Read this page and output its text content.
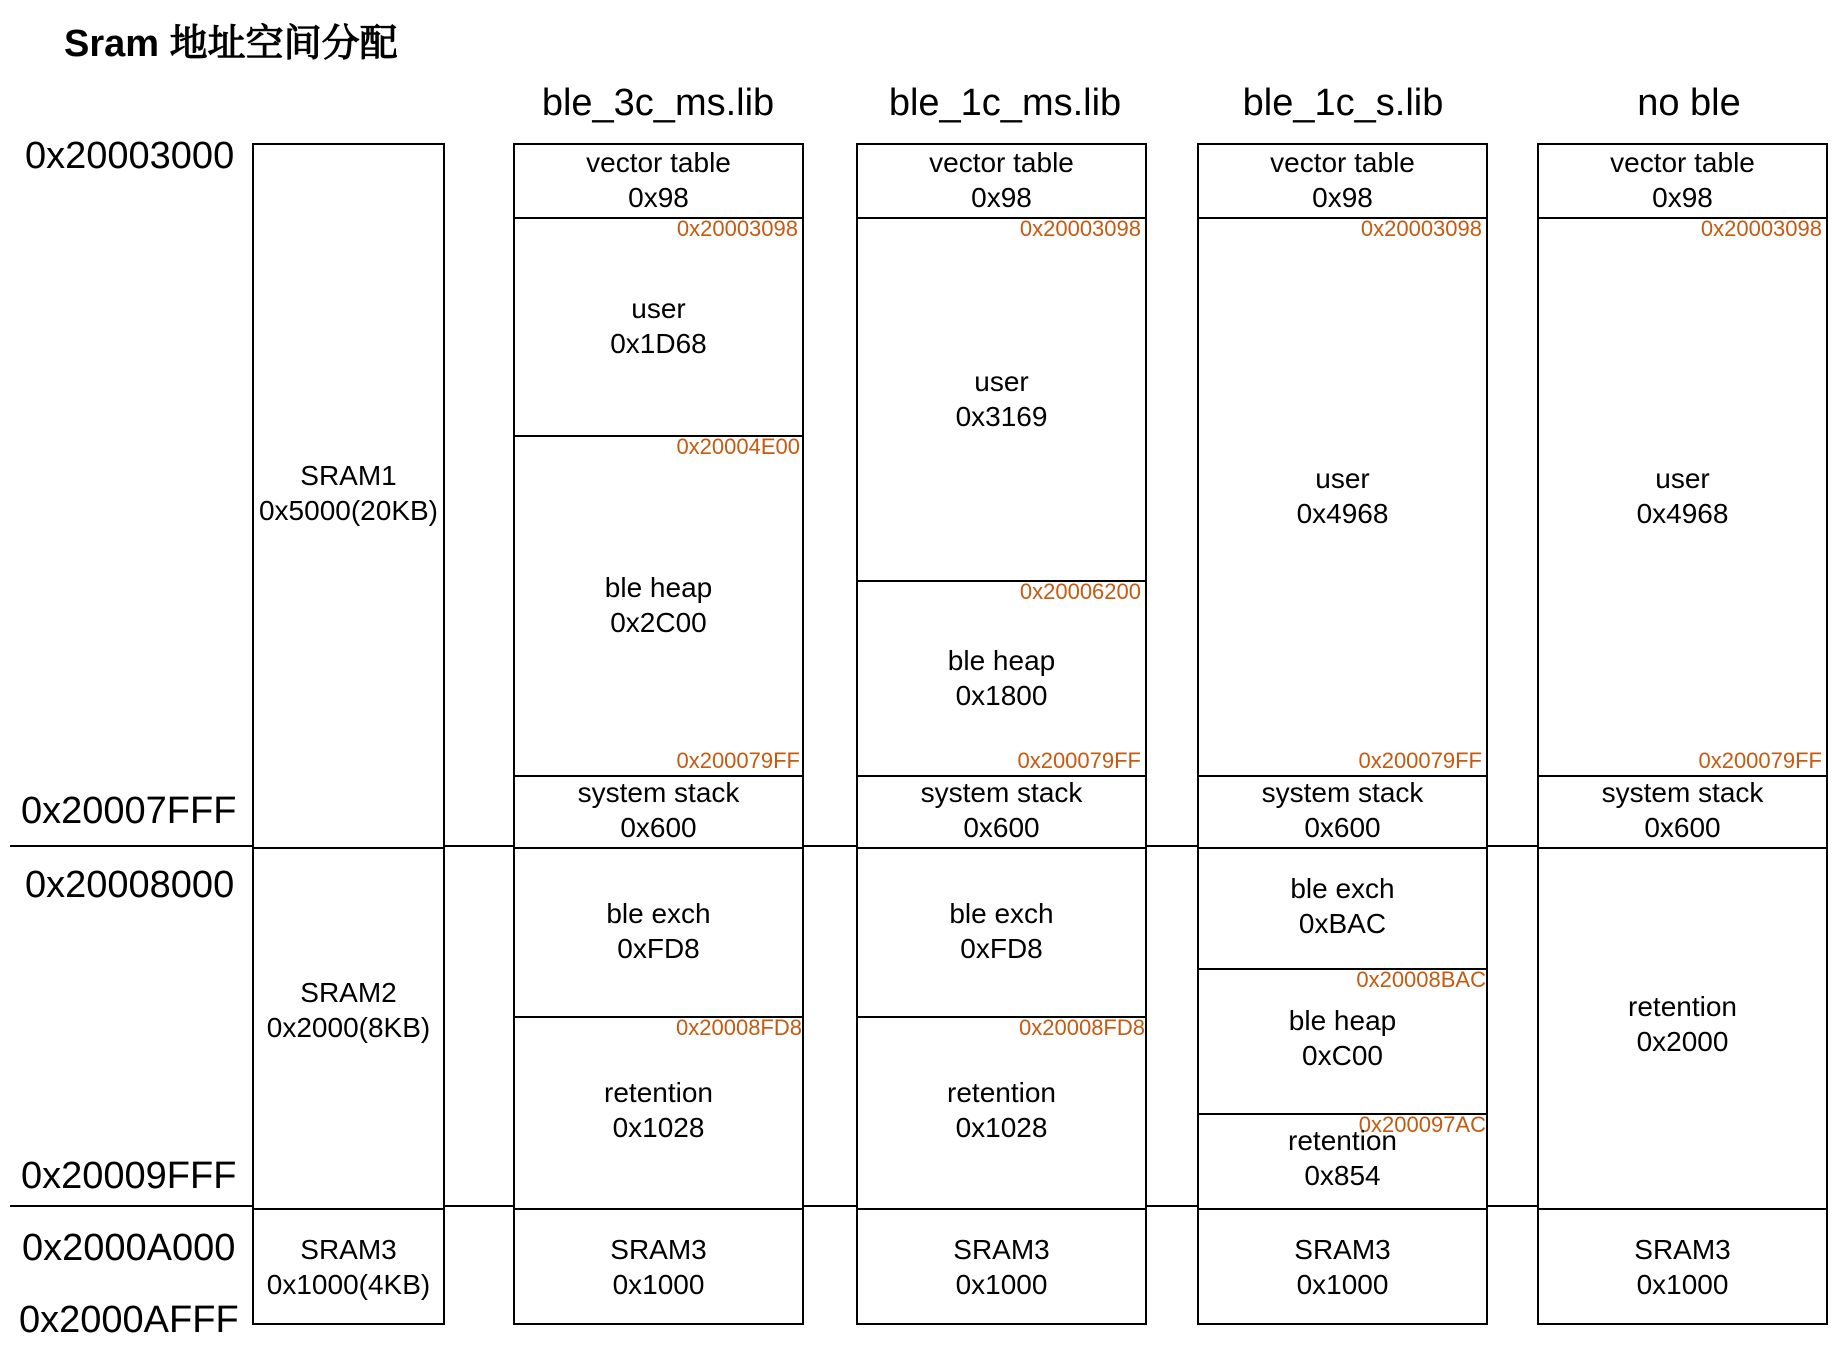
Sram 地址空间分配
0x20003000
0x20007FFF
0x20008000
0x20009FFF
0x2000A000
0x2000AFFF
SRAM1
0x5000(20KB)
SRAM2
0x2000(8KB)
SRAM3
0x1000(4KB)
ble_3c_ms.lib
vector table
0x98
0x20003098
user
0x1D68
0x20004E00
ble heap
0x2C00
0x200079FF
system stack
0x600
ble exch
0xFD8
0x20008FD8
retention
0x1028
SRAM3
0x1000
ble_1c_ms.lib
vector table
0x98
0x20003098
user
0x3169
0x20006200
ble heap
0x1800
0x200079FF
system stack
0x600
ble exch
0xFD8
0x20008FD8
retention
0x1028
SRAM3
0x1000
ble_1c_s.lib
vector table
0x98
0x20003098
user
0x4968
0x200079FF
system stack
0x600
ble exch
0xBAC
0x20008BAC
ble heap
0xC00
0x200097AC
retention
0x854
SRAM3
0x1000
no ble
vector table
0x98
0x20003098
user
0x4968
0x200079FF
system stack
0x600
retention
0x2000
SRAM3
0x1000
